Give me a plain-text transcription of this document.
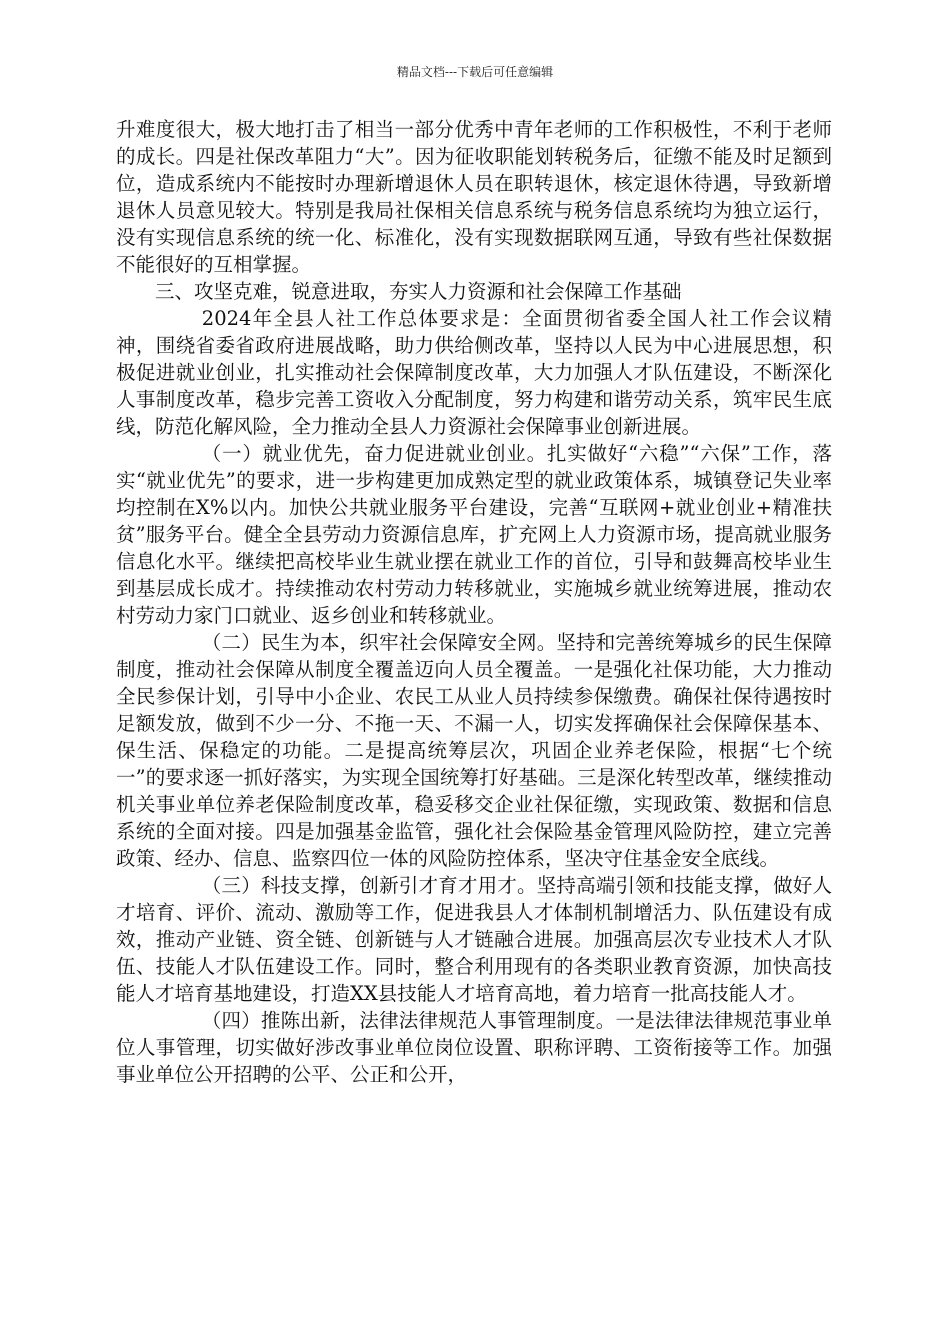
精品文档---下载后可任意编辑

升难度很大，极大地打击了相当一部分优秀中青年老师的工作积极性，不利于老师的成长。四是社保改革阻力“大”。因为征收职能划转税务后，征缴不能及时足额到位，造成系统内不能按时办理新增退休人员在职转退休，核定退休待遇，导致新增退休人员意见较大。特别是我局社保相关信息系统与税务信息系统均为独立运行，没有实现信息系统的统一化、标准化，没有实现数据联网互通，导致有些社保数据不能很好的互相掌握。

三、攻坚克难，锐意进取，夯实人力资源和社会保障工作基础

2024年全县人社工作总体要求是：全面贯彻省委全国人社工作会议精神，围绕省委省政府进展战略，助力供给侧改革，坚持以人民为中心进展思想，积极促进就业创业，扎实推动社会保障制度改革，大力加强人才队伍建设，不断深化人事制度改革，稳步完善工资收入分配制度，努力构建和谐劳动关系，筑牢民生底线，防范化解风险，全力推动全县人力资源社会保障事业创新进展。

（一）就业优先，奋力促进就业创业。扎实做好“六稳”“六保”工作，落实“就业优先”的要求，进一步构建更加成熟定型的就业政策体系，城镇登记失业率均控制在X%以内。加快公共就业服务平台建设，完善“互联网+就业创业+精准扶贫”服务平台。健全全县劳动力资源信息库，扩充网上人力资源市场，提高就业服务信息化水平。继续把高校毕业生就业摆在就业工作的首位，引导和鼓舞高校毕业生到基层成长成才。持续推动农村劳动力转移就业，实施城乡就业统筹进展，推动农村劳动力家门口就业、返乡创业和转移就业。

（二）民生为本，织牢社会保障安全网。坚持和完善统筹城乡的民生保障制度，推动社会保障从制度全覆盖迈向人员全覆盖。一是强化社保功能，大力推动全民参保计划，引导中小企业、农民工从业人员持续参保缴费。确保社保待遇按时足额发放，做到不少一分、不拖一天、不漏一人，切实发挥确保社会保障保基本、保生活、保稳定的功能。二是提高统筹层次，巩固企业养老保险，根据“七个统一”的要求逐一抓好落实，为实现全国统筹打好基础。三是深化转型改革，继续推动机关事业单位养老保险制度改革，稳妥移交企业社保征缴，实现政策、数据和信息系统的全面对接。四是加强基金监管，强化社会保险基金管理风险防控，建立完善政策、经办、信息、监察四位一体的风险防控体系，坚决守住基金安全底线。

（三）科技支撑，创新引才育才用才。坚持高端引领和技能支撑，做好人才培育、评价、流动、激励等工作，促进我县人才体制机制增活力、队伍建设有成效，推动产业链、资全链、创新链与人才链融合进展。加强高层次专业技术人才队伍、技能人才队伍建设工作。同时，整合利用现有的各类职业教育资源，加快高技能人才培育基地建设，打造XX县技能人才培育高地，着力培育一批高技能人才。

（四）推陈出新，法律法律规范人事管理制度。一是法律法律规范事业单位人事管理，切实做好涉改事业单位岗位设置、职称评聘、工资衔接等工作。加强事业单位公开招聘的公平、公正和公开，
